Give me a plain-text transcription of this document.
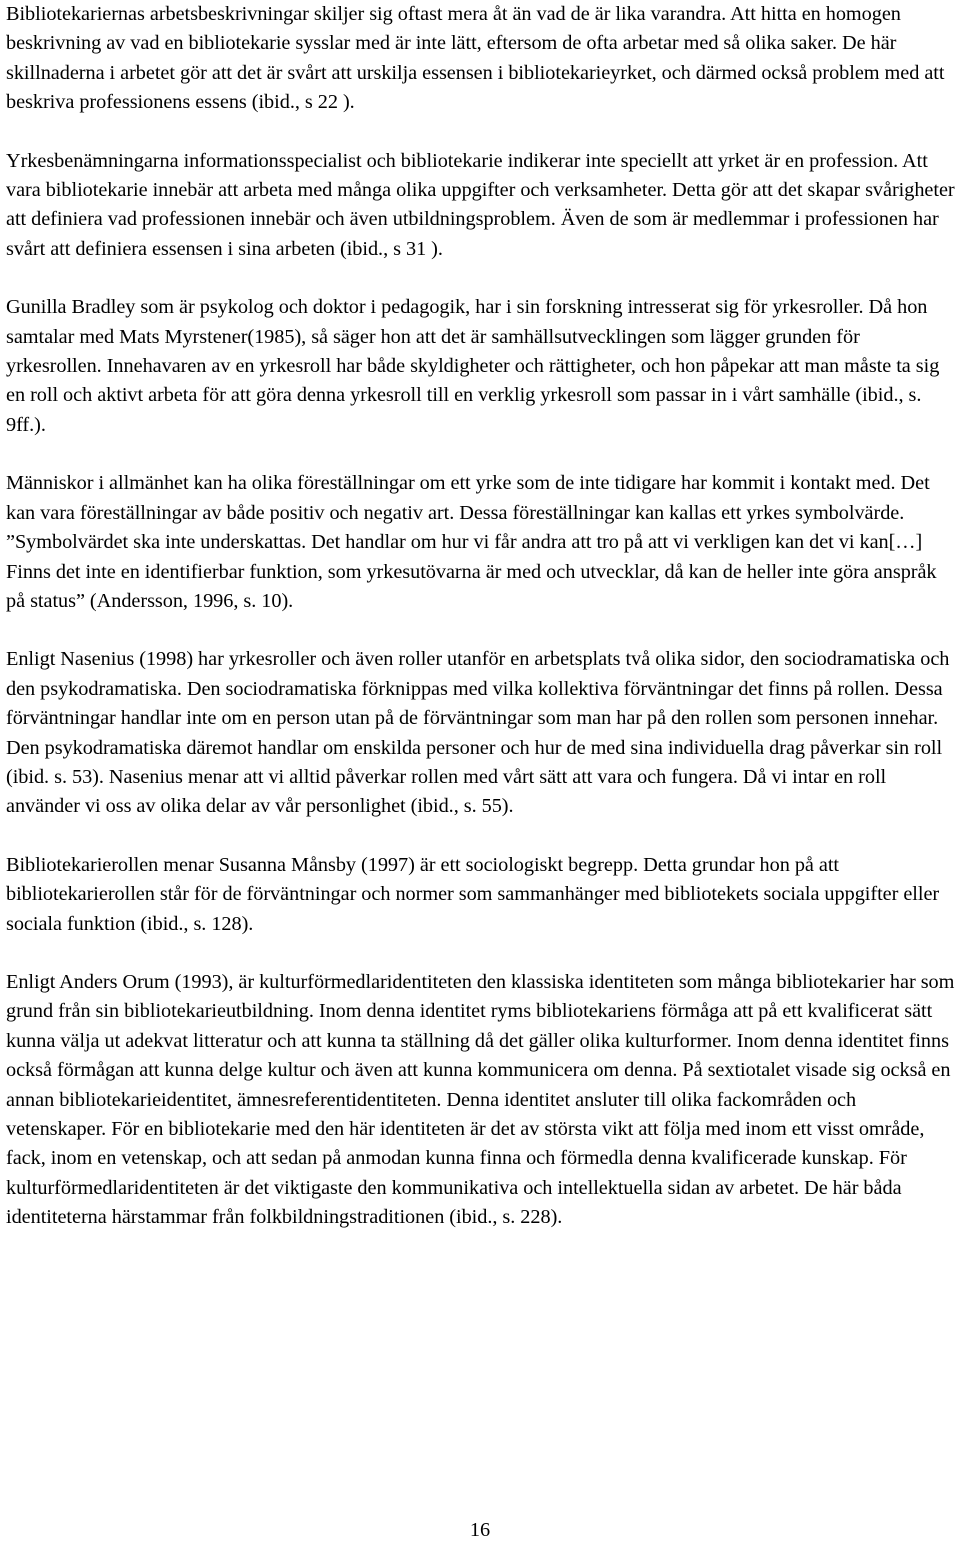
Bibliotekariernas arbetsbeskrivningar skiljer sig oftast mera åt än vad de är lika varandra. Att hitta en homogen beskrivning av vad en bibliotekarie sysslar med är inte lätt, eftersom de ofta arbetar med så olika saker. De här skillnaderna i arbetet gör att det är svårt att urskilja essensen i bibliotekarieyrket, och därmed också problem med att beskriva professionens essens (ibid., s 22 ).

Yrkesbenämningarna informationsspecialist och bibliotekarie indikerar inte speciellt att yrket är en profession. Att vara bibliotekarie innebär att arbeta med många olika uppgifter och verksamheter. Detta gör att det skapar svårigheter att definiera vad professionen innebär och även utbildningsproblem. Även de som är medlemmar i professionen har svårt att definiera essensen i sina arbeten (ibid., s 31 ).

Gunilla Bradley som är psykolog och doktor i pedagogik, har i sin forskning intresserat sig för yrkesroller. Då hon samtalar med Mats Myrstener(1985), så säger hon att det är samhällsutvecklingen som lägger grunden för yrkesrollen. Innehavaren av en yrkesroll har både skyldigheter och rättigheter, och hon påpekar att man måste ta sig en roll och aktivt arbeta för att göra denna yrkesroll till en verklig yrkesroll som passar in i vårt samhälle (ibid., s. 9ff.).

Människor i allmänhet kan ha olika föreställningar om ett yrke som de inte tidigare har kommit i kontakt med. Det kan vara föreställningar av både positiv och negativ art. Dessa föreställningar kan kallas ett yrkes symbolvärde. ”Symbolvärdet ska inte underskattas. Det handlar om hur vi får andra att tro på att vi verkligen kan det vi kan[…] Finns det inte en identifierbar funktion, som yrkesutövarna är med och utvecklar, då kan de heller inte göra anspråk på status” (Andersson, 1996, s. 10).

Enligt Nasenius (1998) har yrkesroller och även roller utanför en arbetsplats två olika sidor, den sociodramatiska och den psykodramatiska. Den sociodramatiska förknippas med vilka kollektiva förväntningar det finns på rollen. Dessa förväntningar handlar inte om en person utan på de förväntningar som man har på den rollen som personen innehar. Den psykodramatiska däremot handlar om enskilda personer och hur de med sina individuella drag påverkar sin roll (ibid. s. 53). Nasenius menar att vi alltid påverkar rollen med vårt sätt att vara och fungera. Då vi intar en roll använder vi oss av olika delar av vår personlighet (ibid., s. 55).

Bibliotekarierollen menar Susanna Månsby (1997) är ett sociologiskt begrepp. Detta grundar hon på att bibliotekarierollen står för de förväntningar och normer som sammanhänger med bibliotekets sociala uppgifter eller sociala funktion (ibid., s. 128).

Enligt Anders Orum (1993), är kulturförmedlaridentiteten den klassiska identiteten som många bibliotekarier har som grund från sin bibliotekarieutbildning. Inom denna identitet ryms bibliotekariens förmåga att på ett kvalificerat sätt kunna välja ut adekvat litteratur och att kunna ta ställning då det gäller olika kulturformer. Inom denna identitet finns också förmågan att kunna delge kultur och även att kunna kommunicera om denna. På sextiotalet visade sig också en annan bibliotekarieidentitet, ämnesreferentidentiteten. Denna identitet ansluter till olika fackområden och vetenskaper. För en bibliotekarie med den här identiteten är det av största vikt att följa med inom ett visst område, fack, inom en vetenskap, och att sedan på anmodan kunna finna och förmedla denna kvalificerade kunskap. För kulturförmedlaridentiteten är det viktigaste den kommunikativa och intellektuella sidan av arbetet. De här båda identiteterna härstammar från folkbildningstraditionen (ibid., s. 228).

16
